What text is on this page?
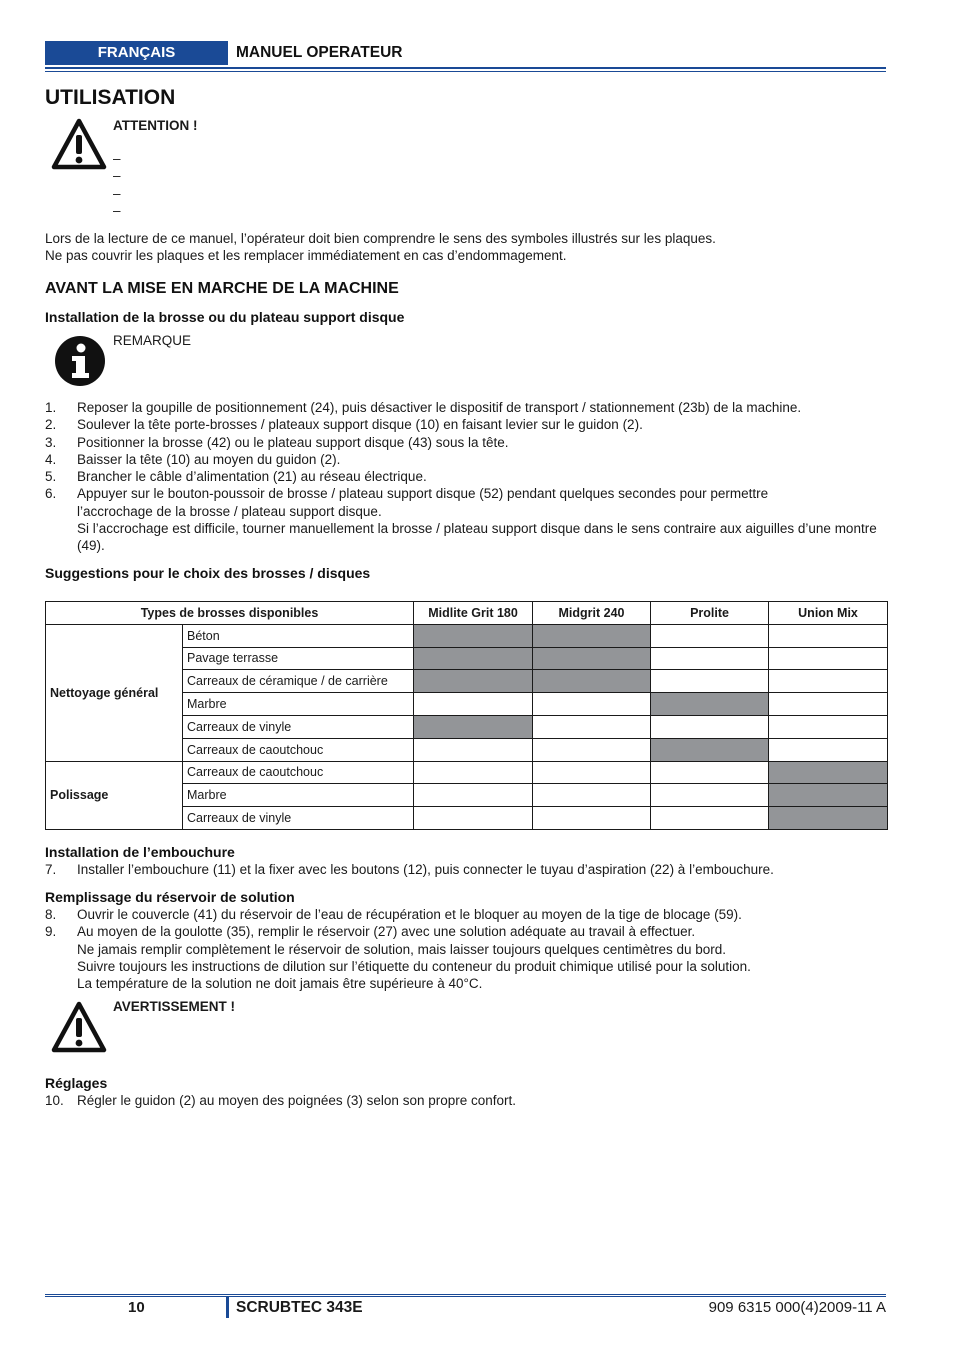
FRANÇAIS	MANUEL OPERATEUR
UTILISATION
ATTENTION !
–
–
–
–
Lors de la lecture de ce manuel, l’opérateur doit bien comprendre le sens des symboles illustrés sur les plaques.
Ne pas couvrir les plaques et les remplacer immédiatement en cas d’endommagement.
AVANT LA MISE EN MARCHE DE LA MACHINE
Installation de la brosse ou du plateau support disque
REMARQUE
1. Reposer la goupille de positionnement (24), puis désactiver le dispositif de transport / stationnement (23b) de la machine.
2. Soulever la tête porte-brosses / plateaux support disque (10) en faisant levier sur le guidon (2).
3. Positionner la brosse (42) ou le plateau support disque (43) sous la tête.
4. Baisser la tête (10) au moyen du guidon (2).
5. Brancher le câble d’alimentation (21) au réseau électrique.
6. Appuyer sur le bouton-poussoir de brosse / plateau support disque (52) pendant quelques secondes pour permettre l’accrochage de la brosse / plateau support disque.
Si l’accrochage est difficile, tourner manuellement la brosse / plateau support disque dans le sens contraire aux aiguilles d’une montre (49).
Suggestions pour le choix des brosses / disques
Types de brosses disponibles		Midlite Grit 180	Midgrit 240	Prolite	Union Mix
Nettoyage général	Béton				
	Pavage terrasse				
	Carreaux de céramique / de carrière				
	Marbre				
	Carreaux de vinyle				
	Carreaux de caoutchouc				
Polissage	Carreaux de caoutchouc				
	Marbre				
	Carreaux de vinyle				
Installation de l’embouchure
7. Installer l’embouchure (11) et la fixer avec les boutons (12), puis connecter le tuyau d’aspiration (22) à l’embouchure.
Remplissage du réservoir de solution
8. Ouvrir le couvercle (41) du réservoir de l’eau de récupération et le bloquer au moyen de la tige de blocage (59).
9. Au moyen de la goulotte (35), remplir le réservoir (27) avec une solution adéquate au travail à effectuer.
Ne jamais remplir complètement le réservoir de solution, mais laisser toujours quelques centimètres du bord.
Suivre toujours les instructions de dilution sur l’étiquette du conteneur du produit chimique utilisé pour la solution.
La température de la solution ne doit jamais être supérieure à 40°C.
AVERTISSEMENT !
Réglages
10. Régler le guidon (2) au moyen des poignées (3) selon son propre confort.
10	SCRUBTEC 343E	909 6315 000(4)2009-11 A
